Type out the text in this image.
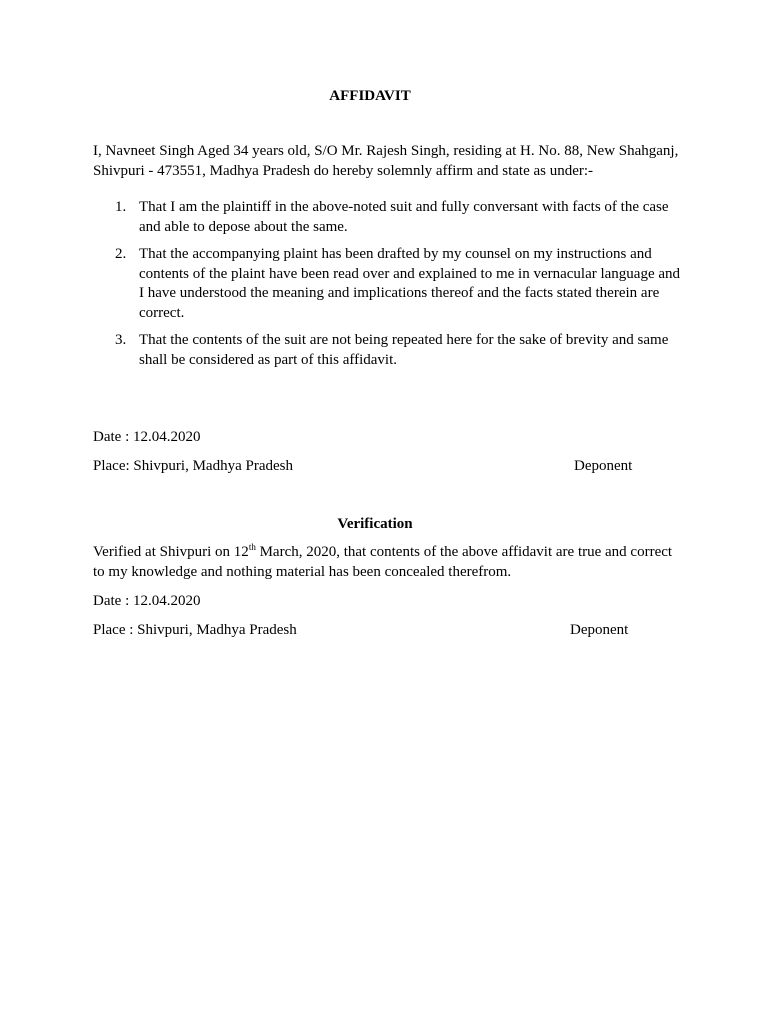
AFFIDAVIT
I, Navneet Singh Aged 34 years old, S/O Mr. Rajesh Singh, residing at H. No. 88, New Shahganj, Shivpuri - 473551, Madhya Pradesh do hereby solemnly affirm and state as under:-
1. That I am the plaintiff in the above-noted suit and fully conversant with facts of the case and able to depose about the same.
2. That the accompanying plaint has been drafted by my counsel on my instructions and contents of the plaint have been read over and explained to me in vernacular language and I have understood the meaning and implications thereof and the facts stated therein are correct.
3. That the contents of the suit are not being repeated here for the sake of brevity and same shall be considered as part of this affidavit.
Date : 12.04.2020
Place: Shivpuri, Madhya Pradesh	Deponent
Verification
Verified at Shivpuri on 12th March, 2020, that contents of the above affidavit are true and correct to my knowledge and nothing material has been concealed therefrom.
Date : 12.04.2020
Place : Shivpuri, Madhya Pradesh	Deponent
